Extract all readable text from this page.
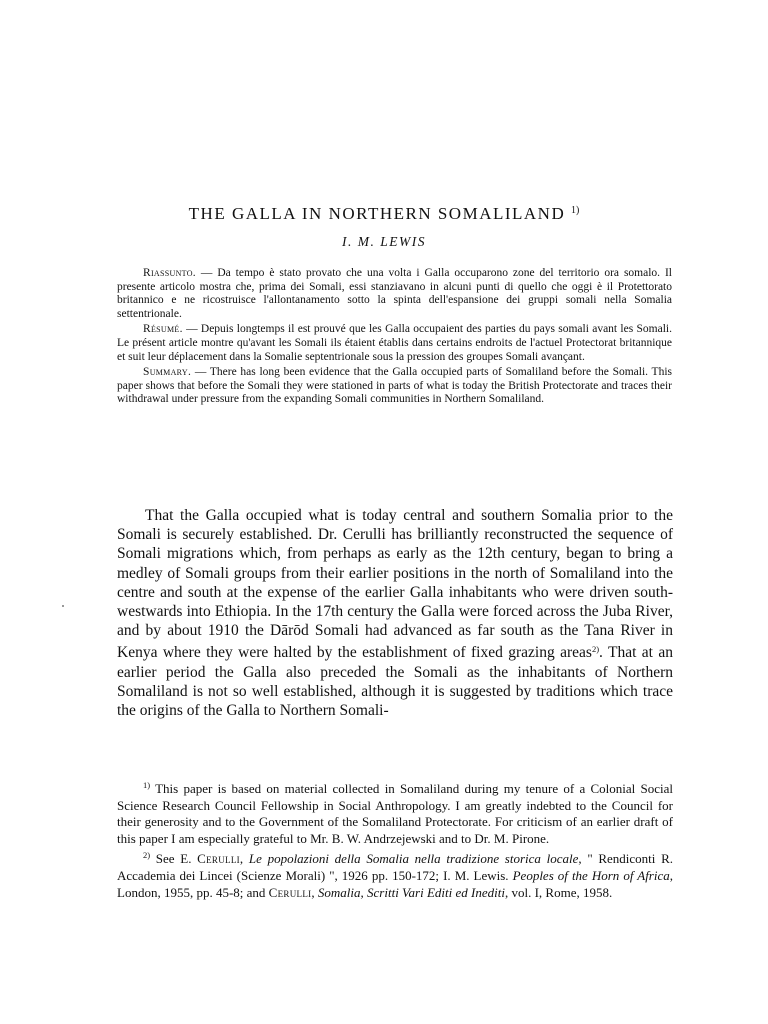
THE GALLA IN NORTHERN SOMALILAND $^{1)}$
I. M. LEWIS

Riassunto. — Da tempo è stato provato che una volta i Galla occuparono zone del territorio ora somalo. Il presente articolo mostra che, prima dei Somali, essi stanziavano in alcuni punti di quello che oggi è il Protettorato britannico e ne ricostruisce l'allontanamento sotto la spinta dell'espansione dei gruppi somali nella Somalia settentrionale.

Résumé. — Depuis longtemps il est prouvé que les Galla occupaient des parties du pays somali avant les Somali. Le présent article montre qu'avant les Somali ils étaient établis dans certains endroits de l'actuel Protectorat britannique et suit leur déplacement dans la Somalie septentrionale sous la pression des groupes Somali avançant.

Summary. — There has long been evidence that the Galla occupied parts of Somaliland before the Somali. This paper shows that before the Somali they were stationed in parts of what is today the British Protectorate and traces their withdrawal under pressure from the expanding Somali communities in Northern Somaliland.

That the Galla occupied what is today central and southern Somalia prior to the Somali is securely established. Dr. Cerulli has brilliantly reconstructed the sequence of Somali migrations which, from perhaps as early as the 12th century, began to bring a medley of Somali groups from their earlier positions in the north of Somaliland into the centre and south at the expense of the earlier Galla inhabitants who were driven south-westwards into Ethiopia. In the 17th century the Galla were forced across the Juba River, and by about 1910 the Dārōd Somali had advanced as far south as the Tana River in Kenya where they were halted by the establishment of fixed grazing areas$^{2)}$. That at an earlier period the Galla also preceded the Somali as the inhabitants of Northern Somaliland is not so well established, although it is suggested by traditions which trace the origins of the Galla to Northern Somali-

$^{1)}$ This paper is based on material collected in Somaliland during my tenure of a Colonial Social Science Research Council Fellowship in Social Anthropology. I am greatly indebted to the Council for their generosity and to the Government of the Somaliland Protectorate. For criticism of an earlier draft of this paper I am especially grateful to Mr. B. W. Andrzejewski and to Dr. M. Pirone.

$^{2)}$ See E. Cerulli, Le popolazioni della Somalia nella tradizione storica locale, " Rendiconti R. Accademia dei Lincei (Scienze Morali) ", 1926 pp. 150-172; I. M. Lewis. Peoples of the Horn of Africa, London, 1955, pp. 45-8; and Cerulli, Somalia, Scritti Vari Editi ed Inediti, vol. I, Rome, 1958.
